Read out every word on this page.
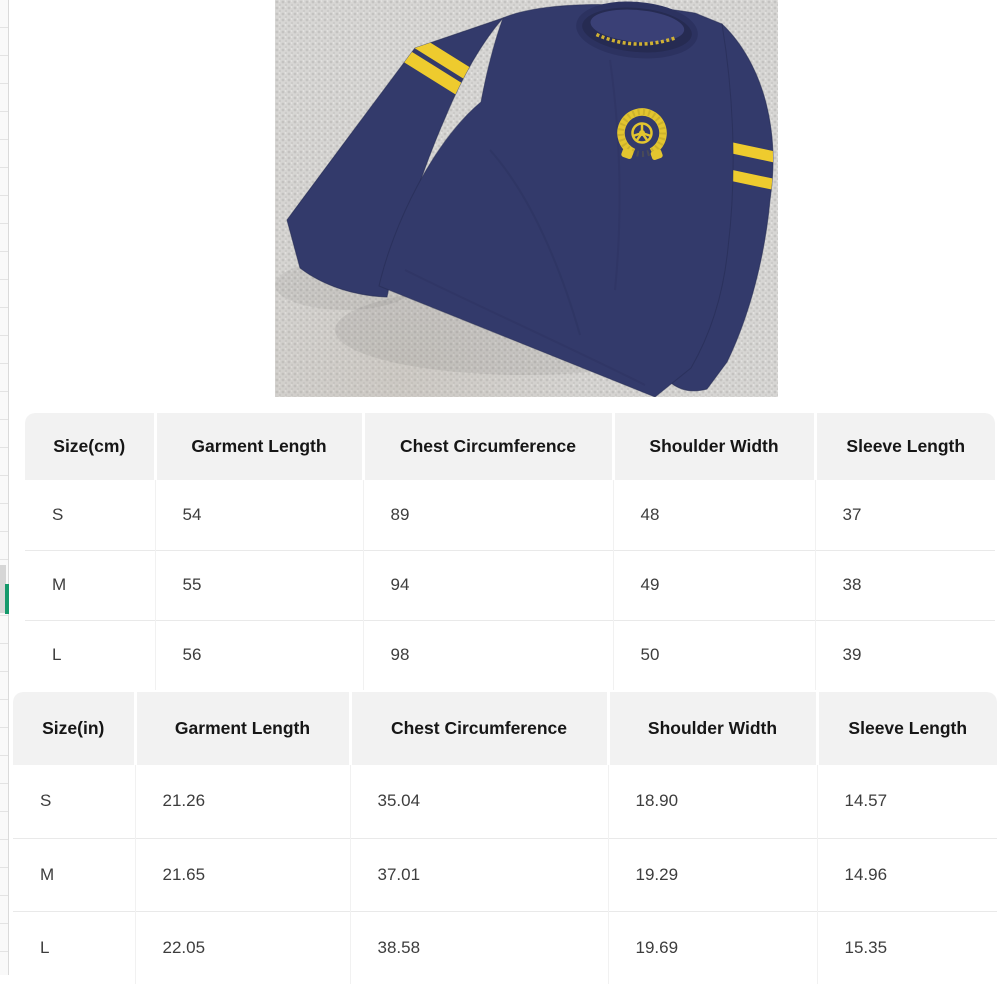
Size(cm)	Garment Length	Chest Circumference	Shoulder Width	Sleeve Length
S	54	89	48	37
M	55	94	49	38
L	56	98	50	39
Size(in)	Garment Length	Chest Circumference	Shoulder Width	Sleeve Length
S	21.26	35.04	18.90	14.57
M	21.65	37.01	19.29	14.96
L	22.05	38.58	19.69	15.35
